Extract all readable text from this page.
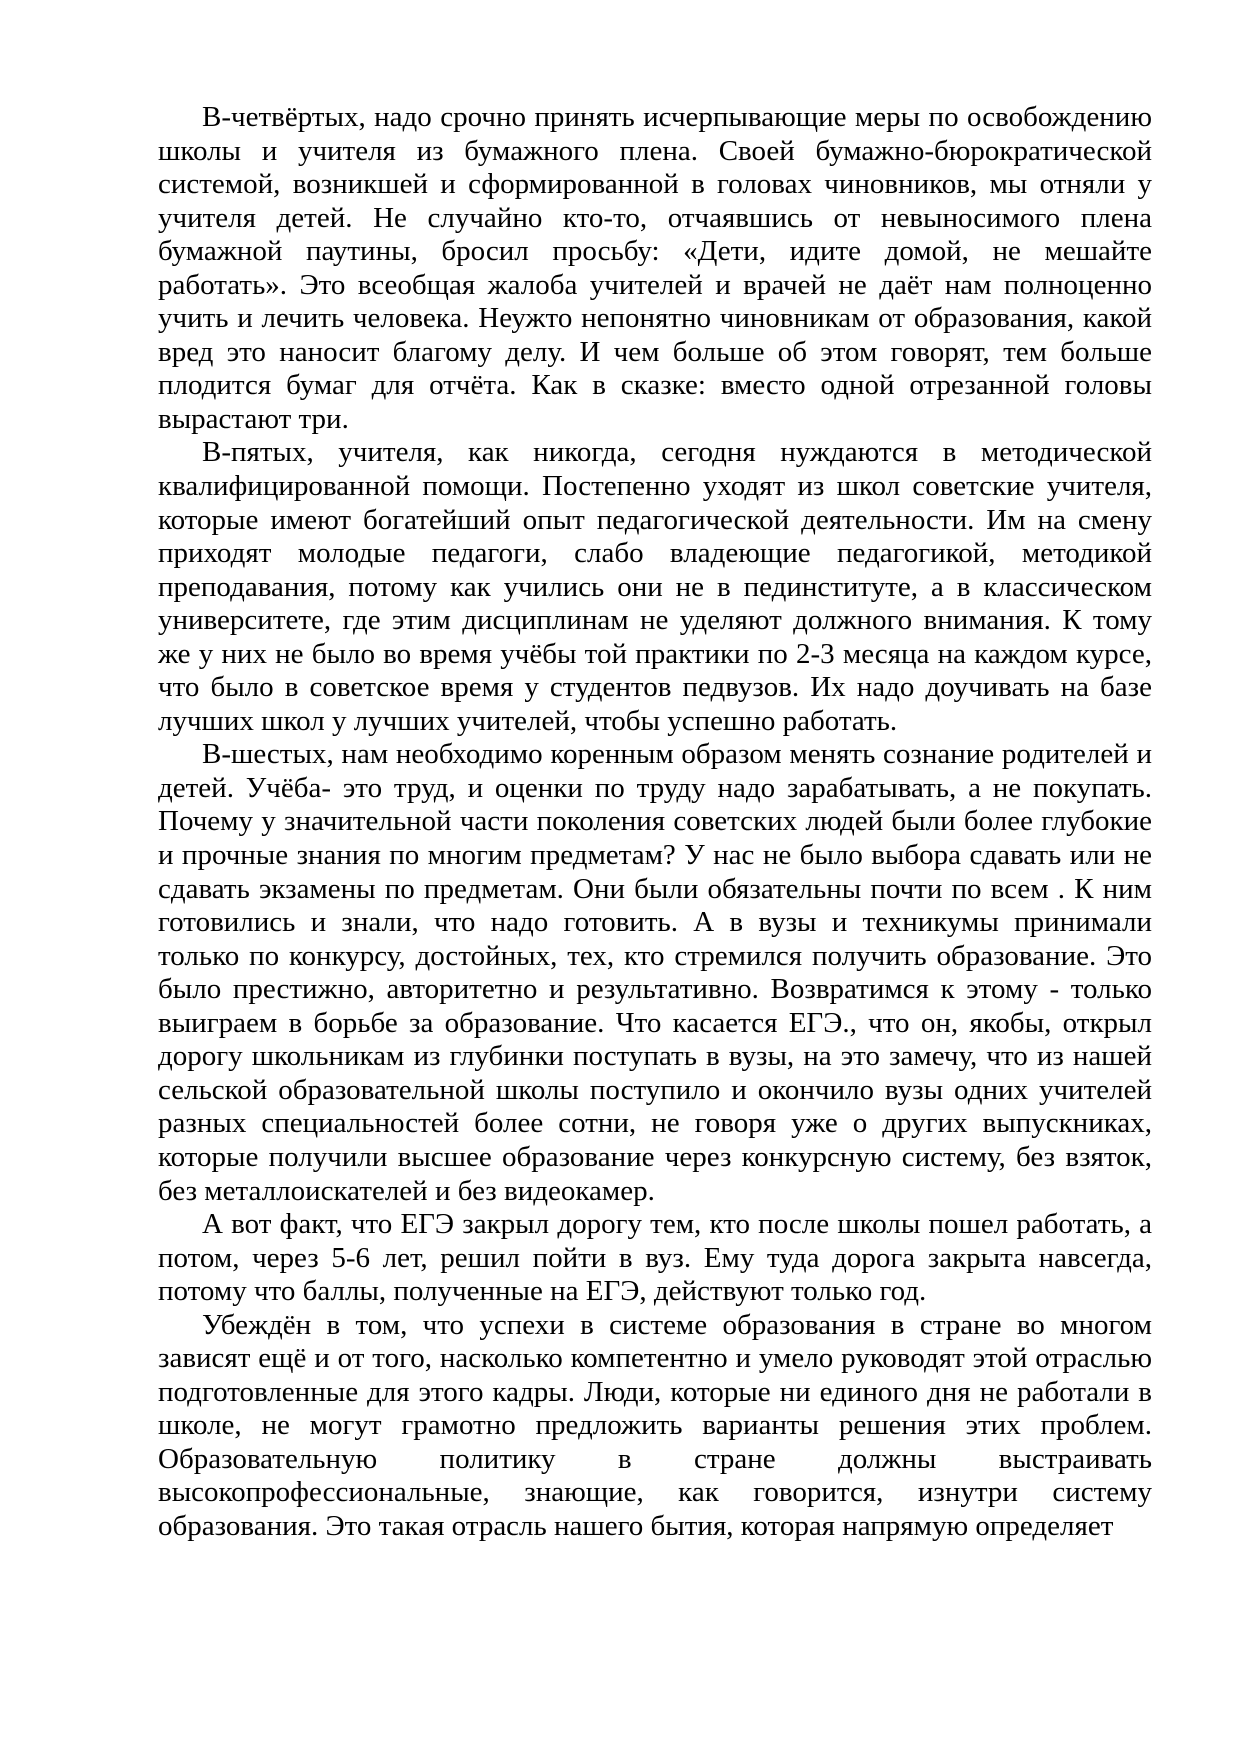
В-четвёртых, надо срочно принять исчерпывающие меры по освобождению школы и учителя из бумажного плена. Своей бумажно-бюрократической системой, возникшей и сформированной в головах чиновников, мы отняли у учителя детей. Не случайно кто-то, отчаявшись от невыносимого плена бумажной паутины, бросил просьбу: «Дети, идите домой, не мешайте работать». Это всеобщая жалоба учителей и врачей не даёт нам полноценно учить и лечить человека. Неужто непонятно чиновникам от образования, какой вред это наносит благому делу. И чем больше об этом говорят, тем больше плодится бумаг для отчёта. Как в сказке: вместо одной отрезанной головы вырастают три.

В-пятых, учителя, как никогда, сегодня нуждаются в методической квалифицированной помощи. Постепенно уходят из школ советские учителя, которые имеют богатейший опыт педагогической деятельности. Им на смену приходят молодые педагоги, слабо владеющие педагогикой, методикой преподавания, потому как учились они не в пединституте, а в классическом университете, где этим дисциплинам не уделяют должного внимания. К тому же у них не было во время учёбы той практики по 2-3 месяца на каждом курсе, что было в советское время у студентов педвузов. Их надо доучивать на базе лучших школ у лучших учителей, чтобы успешно работать.

В-шестых, нам необходимо коренным образом менять сознание родителей и детей. Учёба- это труд, и оценки по труду надо зарабатывать, а не покупать. Почему у значительной части поколения советских людей были более глубокие и прочные знания по многим предметам? У нас не было выбора сдавать или не сдавать экзамены по предметам. Они были обязательны почти по всем . К ним готовились и знали, что надо готовить. А в вузы и техникумы принимали только по конкурсу, достойных, тех, кто стремился получить образование. Это было престижно, авторитетно и результативно. Возвратимся к этому - только выиграем в борьбе за образование. Что касается ЕГЭ., что он, якобы, открыл дорогу школьникам из глубинки поступать в вузы, на это замечу, что из нашей сельской образовательной школы поступило и окончило вузы одних учителей разных специальностей более сотни, не говоря уже о других выпускниках, которые получили высшее образование через конкурсную систему, без взяток, без металлоискателей и без видеокамер.

А вот факт, что ЕГЭ закрыл дорогу тем, кто после школы пошел работать, а потом, через 5-6 лет, решил пойти в вуз. Ему туда дорога закрыта навсегда, потому что баллы, полученные на ЕГЭ, действуют только год.

Убеждён в том, что успехи в системе образования в стране во многом зависят ещё и от того, насколько компетентно и умело руководят этой отраслью подготовленные для этого кадры. Люди, которые ни единого дня не работали в школе, не могут грамотно предложить варианты решения этих проблем. Образовательную политику в стране должны выстраивать высокопрофессиональные, знающие, как говорится, изнутри систему образования. Это такая отрасль нашего бытия, которая напрямую определяет
